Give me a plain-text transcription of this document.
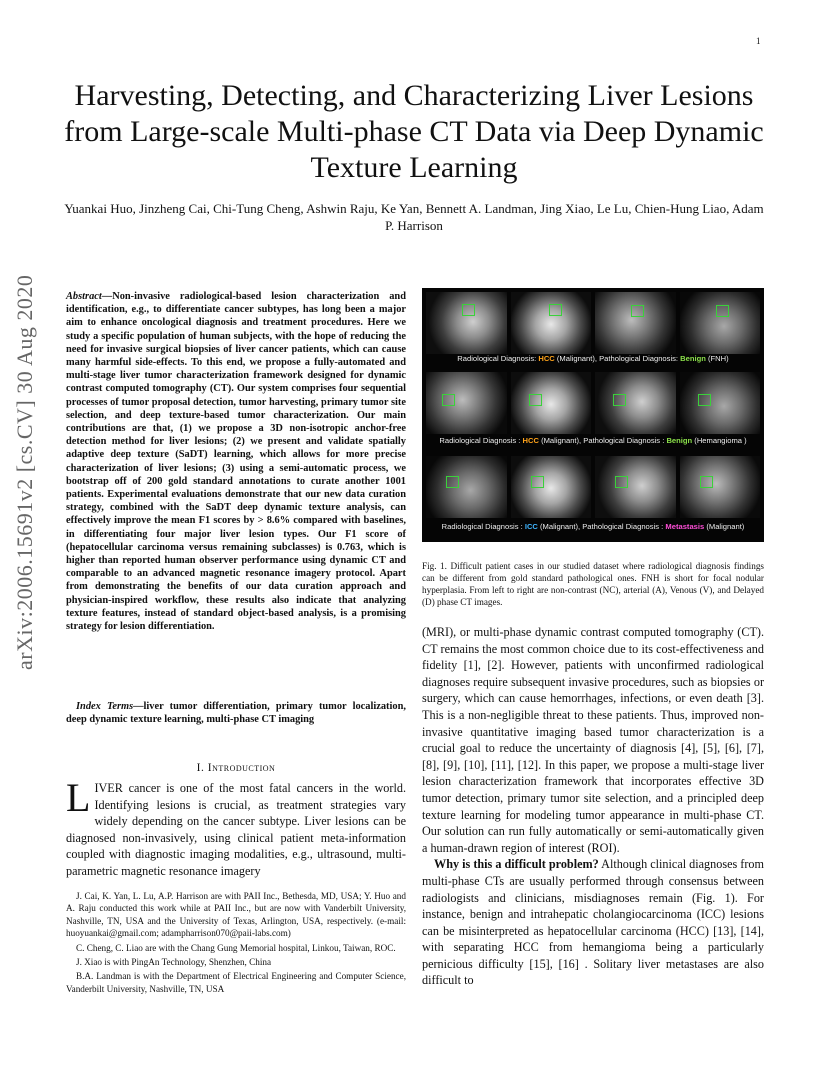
1
Harvesting, Detecting, and Characterizing Liver Lesions from Large-scale Multi-phase CT Data via Deep Dynamic Texture Learning
Yuankai Huo, Jinzheng Cai, Chi-Tung Cheng, Ashwin Raju, Ke Yan, Bennett A. Landman, Jing Xiao, Le Lu, Chien-Hung Liao, Adam P. Harrison
arXiv:2006.15691v2 [cs.CV] 30 Aug 2020	Abstract—Non-invasive radiological-based lesion characterization and identification, e.g., to differentiate cancer subtypes, has long been a major aim to enhance oncological diagnosis and treatment procedures. Here we study a specific population of human subjects, with the hope of reducing the need for invasive surgical biopsies of liver cancer patients, which can cause many harmful side-effects. To this end, we propose a fully-automated and multi-stage liver tumor characterization framework designed for dynamic contrast computed tomography (CT). Our system comprises four sequential processes of tumor proposal detection, tumor harvesting, primary tumor site selection, and deep texture-based tumor characterization. Our main contributions are that, (1) we propose a 3D non-isotropic anchor-free detection method for liver lesions; (2) we present and validate spatially adaptive deep texture (SaDT) learning, which allows for more precise characterization of liver lesions; (3) using a semi-automatic process, we bootstrap off of 200 gold standard annotations to curate another 1001 patients. Experimental evaluations demonstrate that our new data curation strategy, combined with the SaDT deep dynamic texture analysis, can effectively improve the mean F1 scores by > 8.6% compared with baselines, in differentiating four major liver lesion types. Our F1 score of (hepatocellular carcinoma versus remaining subclasses) is 0.763, which is higher than reported human observer performance using dynamic CT and comparable to an advanced magnetic resonance imagery protocol. Apart from demonstrating the benefits of our data curation approach and physician-inspired workflow, these results also indicate that analyzing texture features, instead of standard object-based analysis, is a promising strategy for lesion differentiation.
Index Terms—liver tumor differentiation, primary tumor localization, deep dynamic texture learning, multi-phase CT imaging
I. Introduction
LIVER cancer is one of the most fatal cancers in the world. Identifying lesions is crucial, as treatment strategies vary widely depending on the cancer subtype. Liver lesions can be diagnosed non-invasively, using clinical patient meta-information coupled with diagnostic imaging modalities, e.g., ultrasound, multi-parametric magnetic resonance imagery

J. Cai, K. Yan, L. Lu, A.P. Harrison are with PAII Inc., Bethesda, MD, USA; Y. Huo and A. Raju conducted this work while at PAII Inc., but are now with Vanderbilt University, Nashville, TN, USA and the University of Texas, Arlington, USA, respectively. (e-mail: huoyuankai@gmail.com; adampharrison070@paii-labs.com)

C. Cheng, C. Liao are with the Chang Gung Memorial hospital, Linkou, Taiwan, ROC.

J. Xiao is with PingAn Technology, Shenzhen, China

B.A. Landman is with the Department of Electrical Engineering and Computer Science, Vanderbilt University, Nashville, TN, USA

Radiological Diagnosis: HCC (Malignant), Pathological Diagnosis: Benign (FNH)
Radiological Diagnosis : HCC (Malignant), Pathological Diagnosis : Benign (Hemangioma )
Radiological Diagnosis : ICC (Malignant), Pathological Diagnosis : Metastasis (Malignant)
Fig. 1. Difficult patient cases in our studied dataset where radiological diagnosis findings can be different from gold standard pathological ones. FNH is short for focal nodular hyperplasia. From left to right are non-contrast (NC), arterial (A), Venous (V), and Delayed (D) phase CT images.

(MRI), or multi-phase dynamic contrast computed tomography (CT). CT remains the most common choice due to its cost-effectiveness and fidelity [1], [2]. However, patients with unconfirmed radiological diagnoses require subsequent invasive procedures, such as biopsies or surgery, which can cause hemorrhages, infections, or even death [3]. This is a non-negligible threat to these patients. Thus, improved non-invasive quantitative imaging based tumor characterization is a crucial goal to reduce the uncertainty of diagnosis [4], [5], [6], [7], [8], [9], [10], [11], [12]. In this paper, we propose a multi-stage liver lesion characterization framework that incorporates effective 3D tumor detection, primary tumor site selection, and a principled deep texture learning for modeling tumor appearance in multi-phase CT. Our solution can run fully automatically or semi-automatically given a human-drawn region of interest (ROI).

Why is this a difficult problem? Although clinical diagnoses from multi-phase CTs are usually performed through consensus between radiologists and clinicians, misdiagnoses remain (Fig. 1). For instance, benign and intrahepatic cholangiocarcinoma (ICC) lesions can be misinterpreted as hepatocellular carcinoma (HCC) [13], [14], with separating HCC from hemangioma being a particularly pernicious difficulty [15], [16] . Solitary liver metastases are also difficult to
